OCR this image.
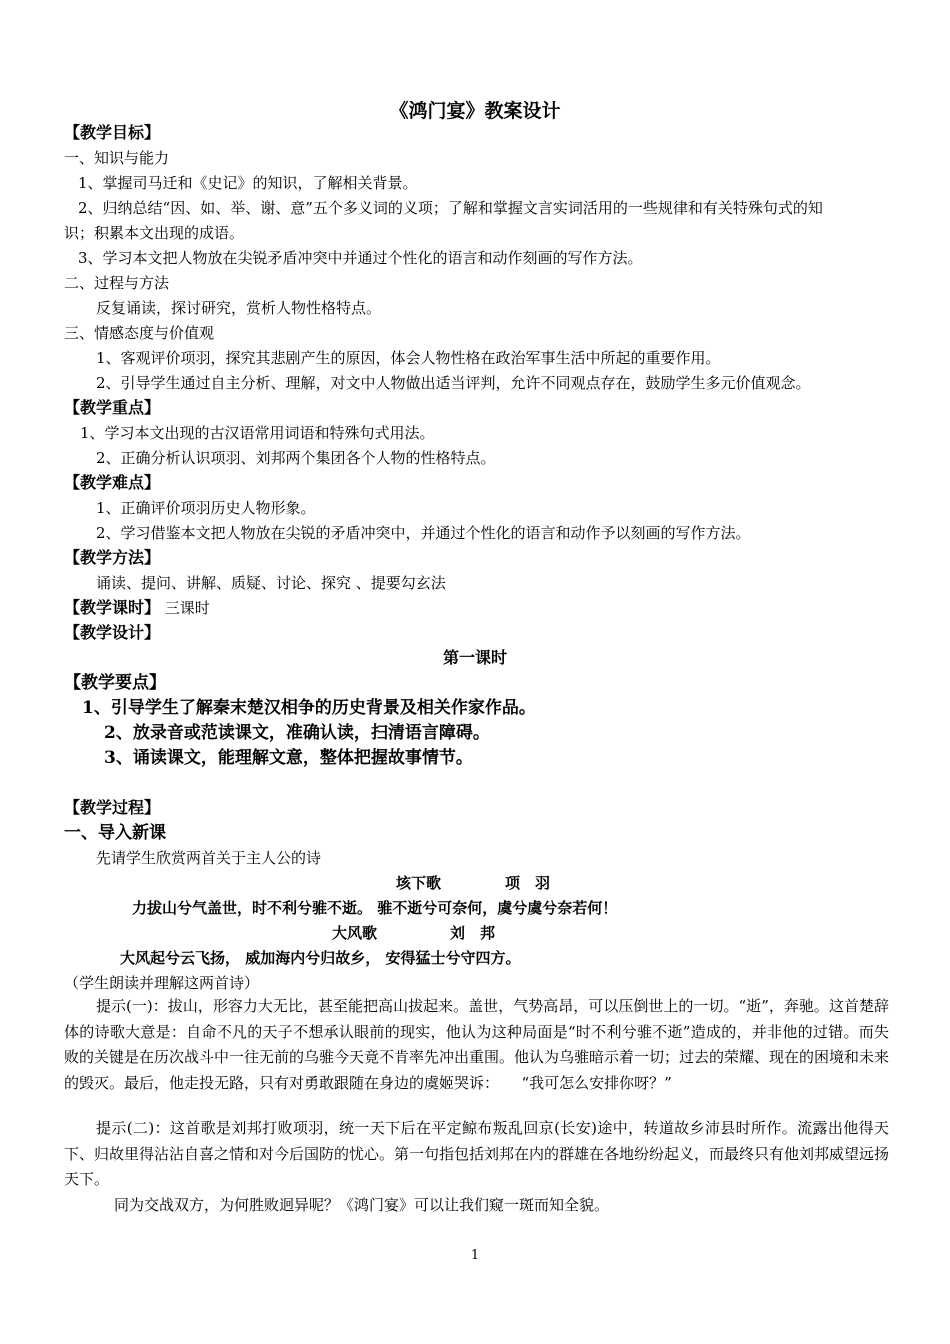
《鸿门宴》教案设计
【教学目标】
一、知识与能力
1、掌握司马迁和《史记》的知识，了解相关背景。
2、归纳总结“因、如、举、谢、意”五个多义词的义项；了解和掌握文言实词活用的一些规律和有关特殊句式的知
识；积累本文出现的成语。
3、学习本文把人物放在尖锐矛盾冲突中并通过个性化的语言和动作刻画的写作方法。
二、过程与方法
反复诵读，探讨研究，赏析人物性格特点。
三、情感态度与价值观
1、客观评价项羽，探究其悲剧产生的原因，体会人物性格在政治军事生活中所起的重要作用。
2、引导学生通过自主分析、理解，对文中人物做出适当评判，允许不同观点存在，鼓励学生多元价值观念。
【教学重点】
1、学习本文出现的古汉语常用词语和特殊句式用法。
2、正确分析认识项羽、刘邦两个集团各个人物的性格特点。
【教学难点】
1、正确评价项羽历史人物形象。
2、学习借鉴本文把人物放在尖锐的矛盾冲突中，并通过个性化的语言和动作予以刻画的写作方法。
【教学方法】
诵读、提问、讲解、质疑、讨论、探究 、提要勾玄法
【教学课时】 三课时
【教学设计】
第一课时
【教学要点】
1、引导学生了解秦末楚汉相争的历史背景及相关作家作品。
2、放录音或范读课文，准确认读，扫清语言障碍。
3、诵读课文，能理解文意，整体把握故事情节。
【教学过程】
一、导入新课
先请学生欣赏两首关于主人公的诗
垓下歌	项　羽
力拔山兮气盖世，时不利兮骓不逝。 骓不逝兮可奈何，虞兮虞兮奈若何！
大风歌	刘　邦
大风起兮云飞扬， 威加海内兮归故乡， 安得猛士兮守四方。
（学生朗读并理解这两首诗）
提示(一)：拔山，形容力大无比，甚至能把高山拔起来。盖世，气势高昂，可以压倒世上的一切。“逝”，奔驰。这首楚辞体的诗歌大意是：自命不凡的天子不想承认眼前的现实，他认为这种局面是“时不利兮骓不逝”造成的，并非他的过错。而失败的关键是在历次战斗中一往无前的乌骓今天竟不肯率先冲出重围。他认为乌骓暗示着一切；过去的荣耀、现在的困境和未来的毁灭。最后，他走投无路，只有对勇敢跟随在身边的虞姬哭诉：　　“我可怎么安排你呀？”
提示(二)：这首歌是刘邦打败项羽，统一天下后在平定鲸布叛乱回京(长安)途中，转道故乡沛县时所作。流露出他得天下、归故里得沾沾自喜之情和对今后国防的忧心。第一句指包括刘邦在内的群雄在各地纷纷起义，而最终只有他刘邦威望远扬天下。
同为交战双方，为何胜败迥异呢？《鸿门宴》可以让我们窥一斑而知全貌。
1
